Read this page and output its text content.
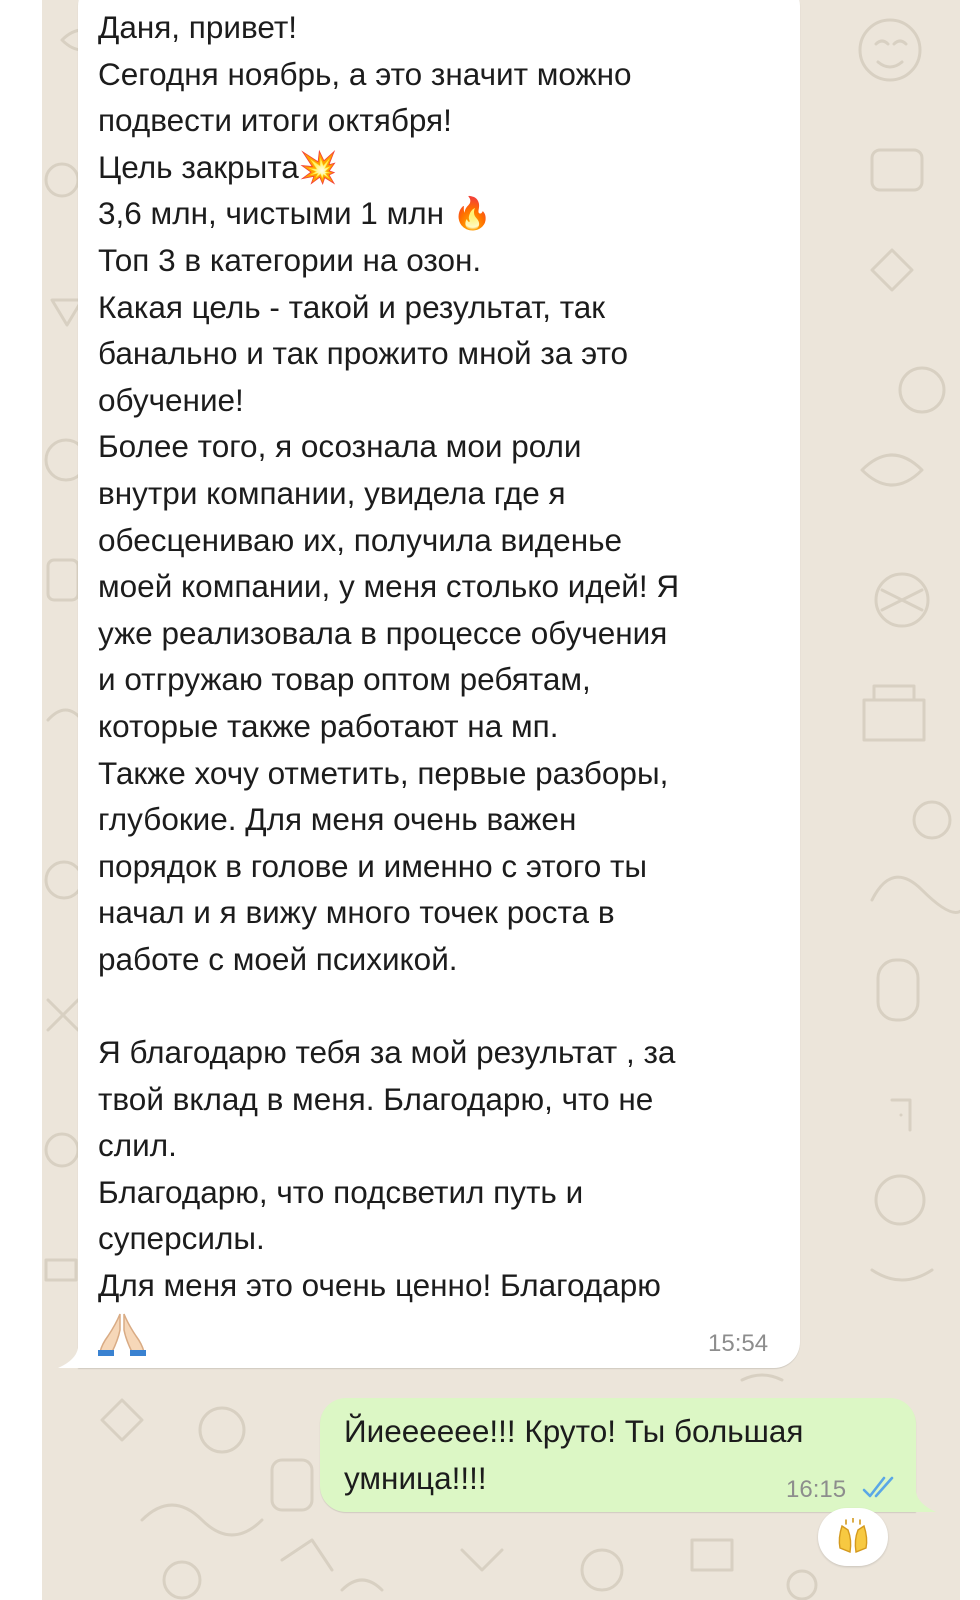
Даня, привет!
Сегодня ноябрь, а это значит можно
подвести итоги октября!
Цель закрыта💥
3,6 млн, чистыми 1 млн 🔥
Топ 3 в категории на озон.
Какая цель - такой и результат, так
банально и так прожито мной за это
обучение!
Более того, я осознала мои роли
внутри компании, увидела где я
обесцениваю их, получила виденье
моей компании, у меня столько идей! Я
уже реализовала в процессе обучения
и отгружаю товар оптом ребятам,
которые также работают на мп.
Также хочу отметить, первые разборы,
глубокие. Для меня очень важен
порядок в голове и именно с этого ты
начал и я вижу много точек роста в
работе с моей психикой.

Я благодарю тебя за мой результат , за
твой вклад в меня. Благодарю, что не
слил.
Благодарю, что подсветил путь и
суперсилы.
Для меня это очень ценно! Благодарю

15:54

Йиееееее!!! Круто! Ты большая
умница!!!!	16:15
